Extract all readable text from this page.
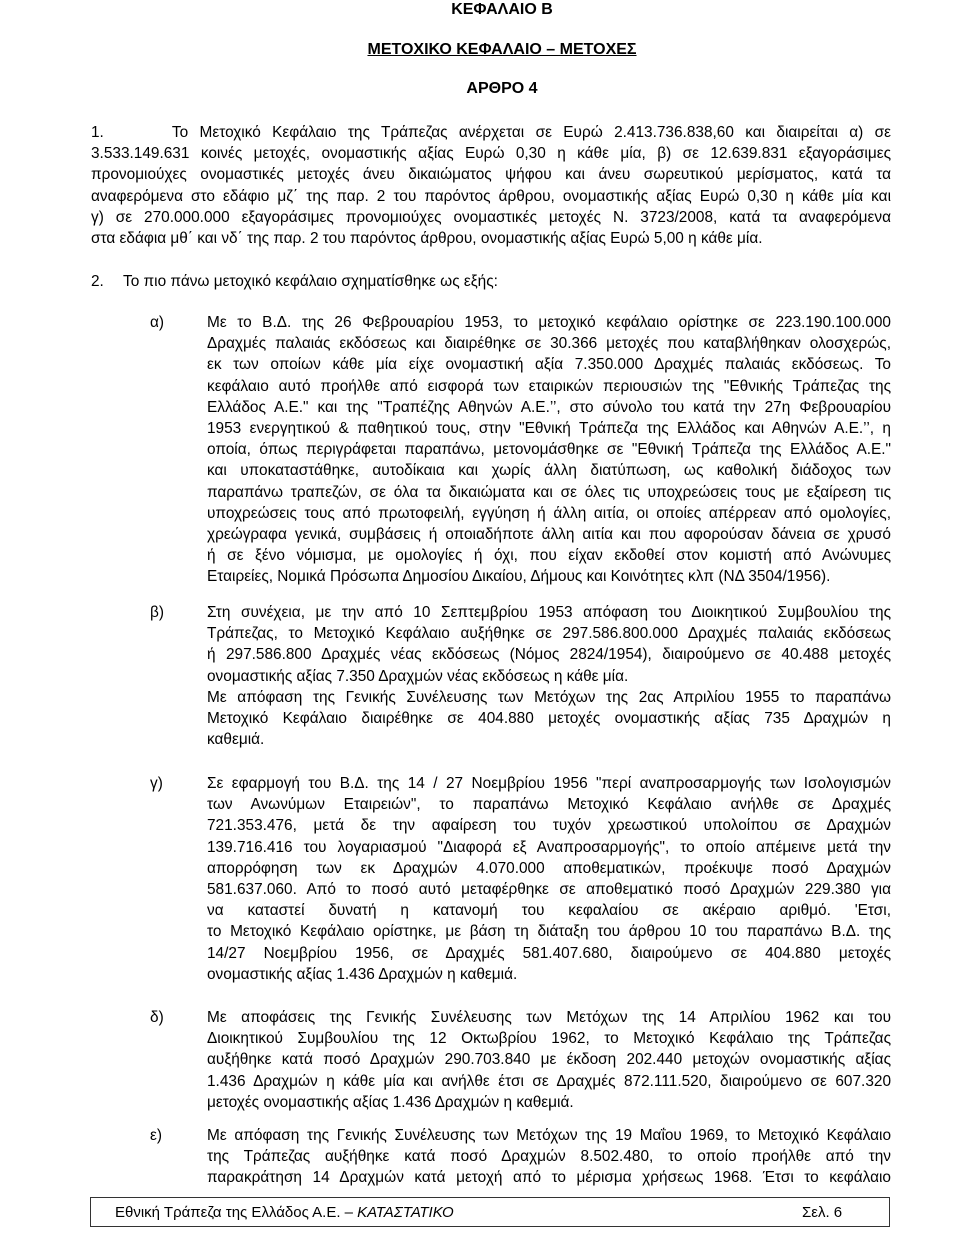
ΚΕΦΑΛΑΙΟ Β
ΜΕΤΟΧΙΚΟ ΚΕΦΑΛΑΙΟ – ΜΕΤΟΧΕΣ
ΑΡΘΡΟ 4
1.	Το Μετοχικό Κεφάλαιο της Τράπεζας ανέρχεται σε Ευρώ 2.413.736.838,60 και διαιρείται α) σε
3.533.149.631 κοινές μετοχές, ονομαστικής αξίας Ευρώ 0,30 η κάθε μία, β) σε 12.639.831 εξαγοράσιμες
προνομιούχες ονομαστικές μετοχές άνευ δικαιώματος ψήφου και άνευ σωρευτικού μερίσματος, κατά τα
αναφερόμενα στο εδάφιο μζ΄ της παρ. 2 του παρόντος άρθρου, ονομαστικής αξίας Ευρώ 0,30 η κάθε μία και
γ) σε 270.000.000 εξαγοράσιμες προνομιούχες ονομαστικές μετοχές Ν. 3723/2008, κατά τα αναφερόμενα
στα εδάφια μθ΄ και νδ΄ της παρ. 2 του παρόντος άρθρου, ονομαστικής αξίας Ευρώ 5,00 η κάθε μία.
2. Το πιο πάνω μετοχικό κεφάλαιο σχηματίσθηκε ως εξής:
α)	Με το Β.Δ. της 26 Φεβρουαρίου 1953, το μετοχικό κεφάλαιο ορίστηκε σε 223.190.100.000
Δραχμές παλαιάς εκδόσεως και διαιρέθηκε σε 30.366 μετοχές που καταβλήθηκαν ολοσχερώς,
εκ των οποίων κάθε μία είχε ονομαστική αξία 7.350.000 Δραχμές παλαιάς εκδόσεως. Το
κεφάλαιο αυτό προήλθε από εισφορά των εταιρικών περιουσιών της "Εθνικής Τράπεζας της
Ελλάδος Α.Ε." και της "Τραπέζης Αθηνών Α.Ε.’’, στο σύνολο του κατά την 27η Φεβρουαρίου
1953 ενεργητικού & παθητικού τους, στην "Εθνική Τράπεζα της Ελλάδος και Αθηνών Α.Ε.’’, η
οποία, όπως περιγράφεται παραπάνω, μετονομάσθηκε σε "Εθνική Τράπεζα της Ελλάδος Α.Ε."
και υποκαταστάθηκε, αυτοδίκαια και χωρίς άλλη διατύπωση, ως καθολική διάδοχος των
παραπάνω τραπεζών, σε όλα τα δικαιώματα και σε όλες τις υποχρεώσεις τους με εξαίρεση τις
υποχρεώσεις τους από πρωτοφειλή, εγγύηση ή άλλη αιτία, οι οποίες απέρρεαν από ομολογίες,
χρεώγραφα γενικά, συμβάσεις ή οποιαδήποτε άλλη αιτία και που αφορούσαν δάνεια σε χρυσό
ή σε ξένο νόμισμα, με ομολογίες ή όχι, που είχαν εκδοθεί στον κομιστή από Ανώνυμες
Εταιρείες, Νομικά Πρόσωπα Δημοσίου Δικαίου, Δήμους και Κοινότητες κλπ (ΝΔ 3504/1956).
β)	Στη συνέχεια, με την από 10 Σεπτεμβρίου 1953 απόφαση του Διοικητικού Συμβουλίου της
Τράπεζας, το Μετοχικό Κεφάλαιο αυξήθηκε σε 297.586.800.000 Δραχμές παλαιάς εκδόσεως
ή 297.586.800 Δραχμές νέας εκδόσεως (Νόμος 2824/1954), διαιρούμενο σε 40.488 μετοχές
ονομαστικής αξίας 7.350 Δραχμών νέας εκδόσεως η κάθε μία.
Με απόφαση της Γενικής Συνέλευσης των Μετόχων της 2ας Απριλίου 1955 το παραπάνω
Μετοχικό Κεφάλαιο διαιρέθηκε σε 404.880 μετοχές ονομαστικής αξίας 735 Δραχμών η
καθεμιά.
γ)	Σε εφαρμογή του Β.Δ. της 14 / 27 Νοεμβρίου 1956 "περί αναπροσαρμογής των Ισολογισμών
των Ανωνύμων Εταιρειών", το παραπάνω Μετοχικό Κεφάλαιο ανήλθε σε Δραχμές
721.353.476, μετά δε την αφαίρεση του τυχόν χρεωστικού υπολοίπου σε Δραχμών
139.716.416 του λογαριασμού "Διαφορά εξ Αναπροσαρμογής", το οποίο απέμεινε μετά την
απορρόφηση των εκ Δραχμών 4.070.000 αποθεματικών, προέκυψε ποσό Δραχμών
581.637.060. Από το ποσό αυτό μεταφέρθηκε σε αποθεματικό ποσό Δραχμών 229.380 για
να καταστεί δυνατή η κατανομή του κεφαλαίου σε ακέραιο αριθμό. 'Ετσι,
το Μετοχικό Κεφάλαιο ορίστηκε, με βάση τη διάταξη του άρθρου 10 του παραπάνω Β.Δ. της
14/27 Νοεμβρίου 1956, σε Δραχμές 581.407.680, διαιρούμενο σε 404.880 μετοχές
ονομαστικής αξίας 1.436 Δραχμών η καθεμιά.
δ)	Με αποφάσεις της Γενικής Συνέλευσης των Μετόχων της 14 Απριλίου 1962 και του
Διοικητικού Συμβουλίου της 12 Οκτωβρίου 1962, το Μετοχικό Κεφάλαιο της Τράπεζας
αυξήθηκε κατά ποσό Δραχμών 290.703.840 με έκδοση 202.440 μετοχών ονομαστικής αξίας
1.436 Δραχμών η κάθε μία και ανήλθε έτσι σε Δραχμές 872.111.520, διαιρούμενο σε 607.320
μετοχές ονομαστικής αξίας 1.436 Δραχμών η καθεμιά.
ε)	Με απόφαση της Γενικής Συνέλευσης των Μετόχων της 19 Μαΐου 1969, το Μετοχικό Κεφάλαιο
της Τράπεζας αυξήθηκε κατά ποσό Δραχμών 8.502.480, το οποίο προήλθε από την
παρακράτηση 14 Δραχμών κατά μετοχή από το μέρισμα χρήσεως 1968. Έτσι το κεφάλαιο
Εθνική Τράπεζα της Ελλάδος Α.Ε. – ΚΑΤΑΣΤΑΤΙΚΟ	Σελ. 6
